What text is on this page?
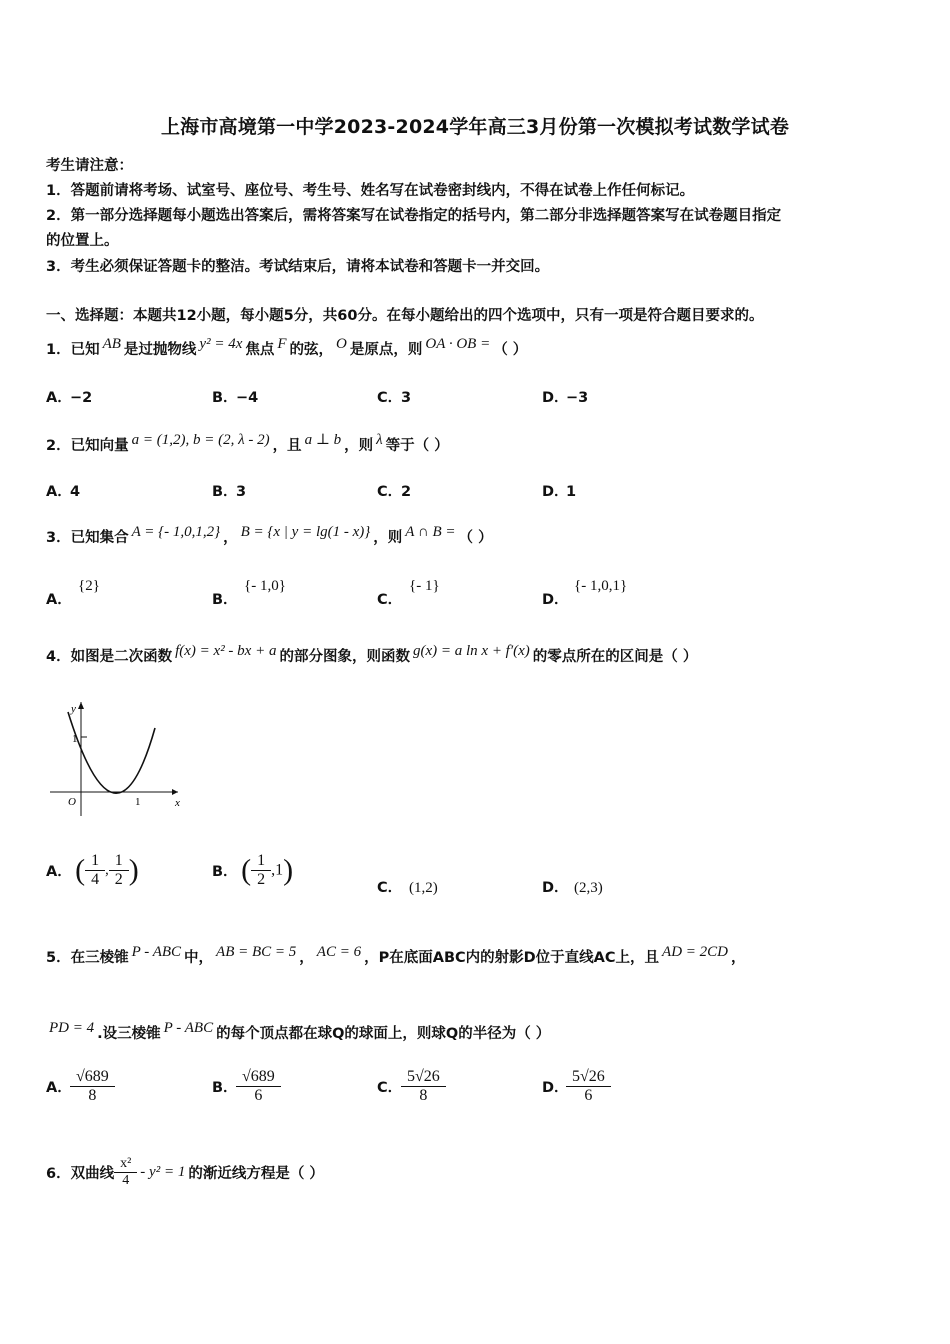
上海市高境第一中学2023-2024学年高三3月份第一次模拟考试数学试卷
考生请注意：
1．答题前请将考场、试室号、座位号、考生号、姓名写在试卷密封线内，不得在试卷上作任何标记。
2．第一部分选择题每小题选出答案后，需将答案写在试卷指定的括号内，第二部分非选择题答案写在试卷题目指定
的位置上。
3．考生必须保证答题卡的整洁。考试结束后，请将本试卷和答题卡一并交回。
一、选择题：本题共12小题，每小题5分，共60分。在每小题给出的四个选项中，只有一项是符合题目要求的。
1．已知 AB 是过抛物线 y² = 4x 焦点 F 的弦， O 是原点，则 OA · OB = （ ）
A．−2	B．−4	C．3	D．−3
2．已知向量 a = (1,2), b = (2, λ - 2) ，且 a ⊥ b ，则 λ 等于（ ）
A．4	B．3	C．2	D．1
3．已知集合 A = {- 1,0,1,2} ， B = {x | y = lg(1 - x)} ，则 A ∩ B = （ ）
A．{2}
B．{- 1,0}
C．{- 1}
D．{- 1,0,1}
4．如图是二次函数 f(x) = x² - bx + a 的部分图象，则函数 g(x) = a ln x + f′(x) 的零点所在的区间是（ ）
y
x
O
1
1
A． ( $\frac{1}{4}$ , $\frac{1}{2}$ )	B． ( $\frac{1}{2} ,1$)
C． (1,2)	D． (2,3)
5．在三棱锥 P - ABC 中， AB = BC = 5 ， AC = 6 ，P在底面ABC内的射影D位于直线AC上，且 AD = 2CD ，
PD = 4 .设三棱锥 P - ABC 的每个顶点都在球Q的球面上，则球Q的半径为（ ）
A．
$\frac{√689}{8}$	B．
$\frac{√689}{6}$	C．
$\frac{5√26}{8}$	D．
$\frac{5√26}{6}$
6．双曲线 $\frac{\text{x²}}{4} - y^2 = 1$ 的渐近线方程是（ ）
